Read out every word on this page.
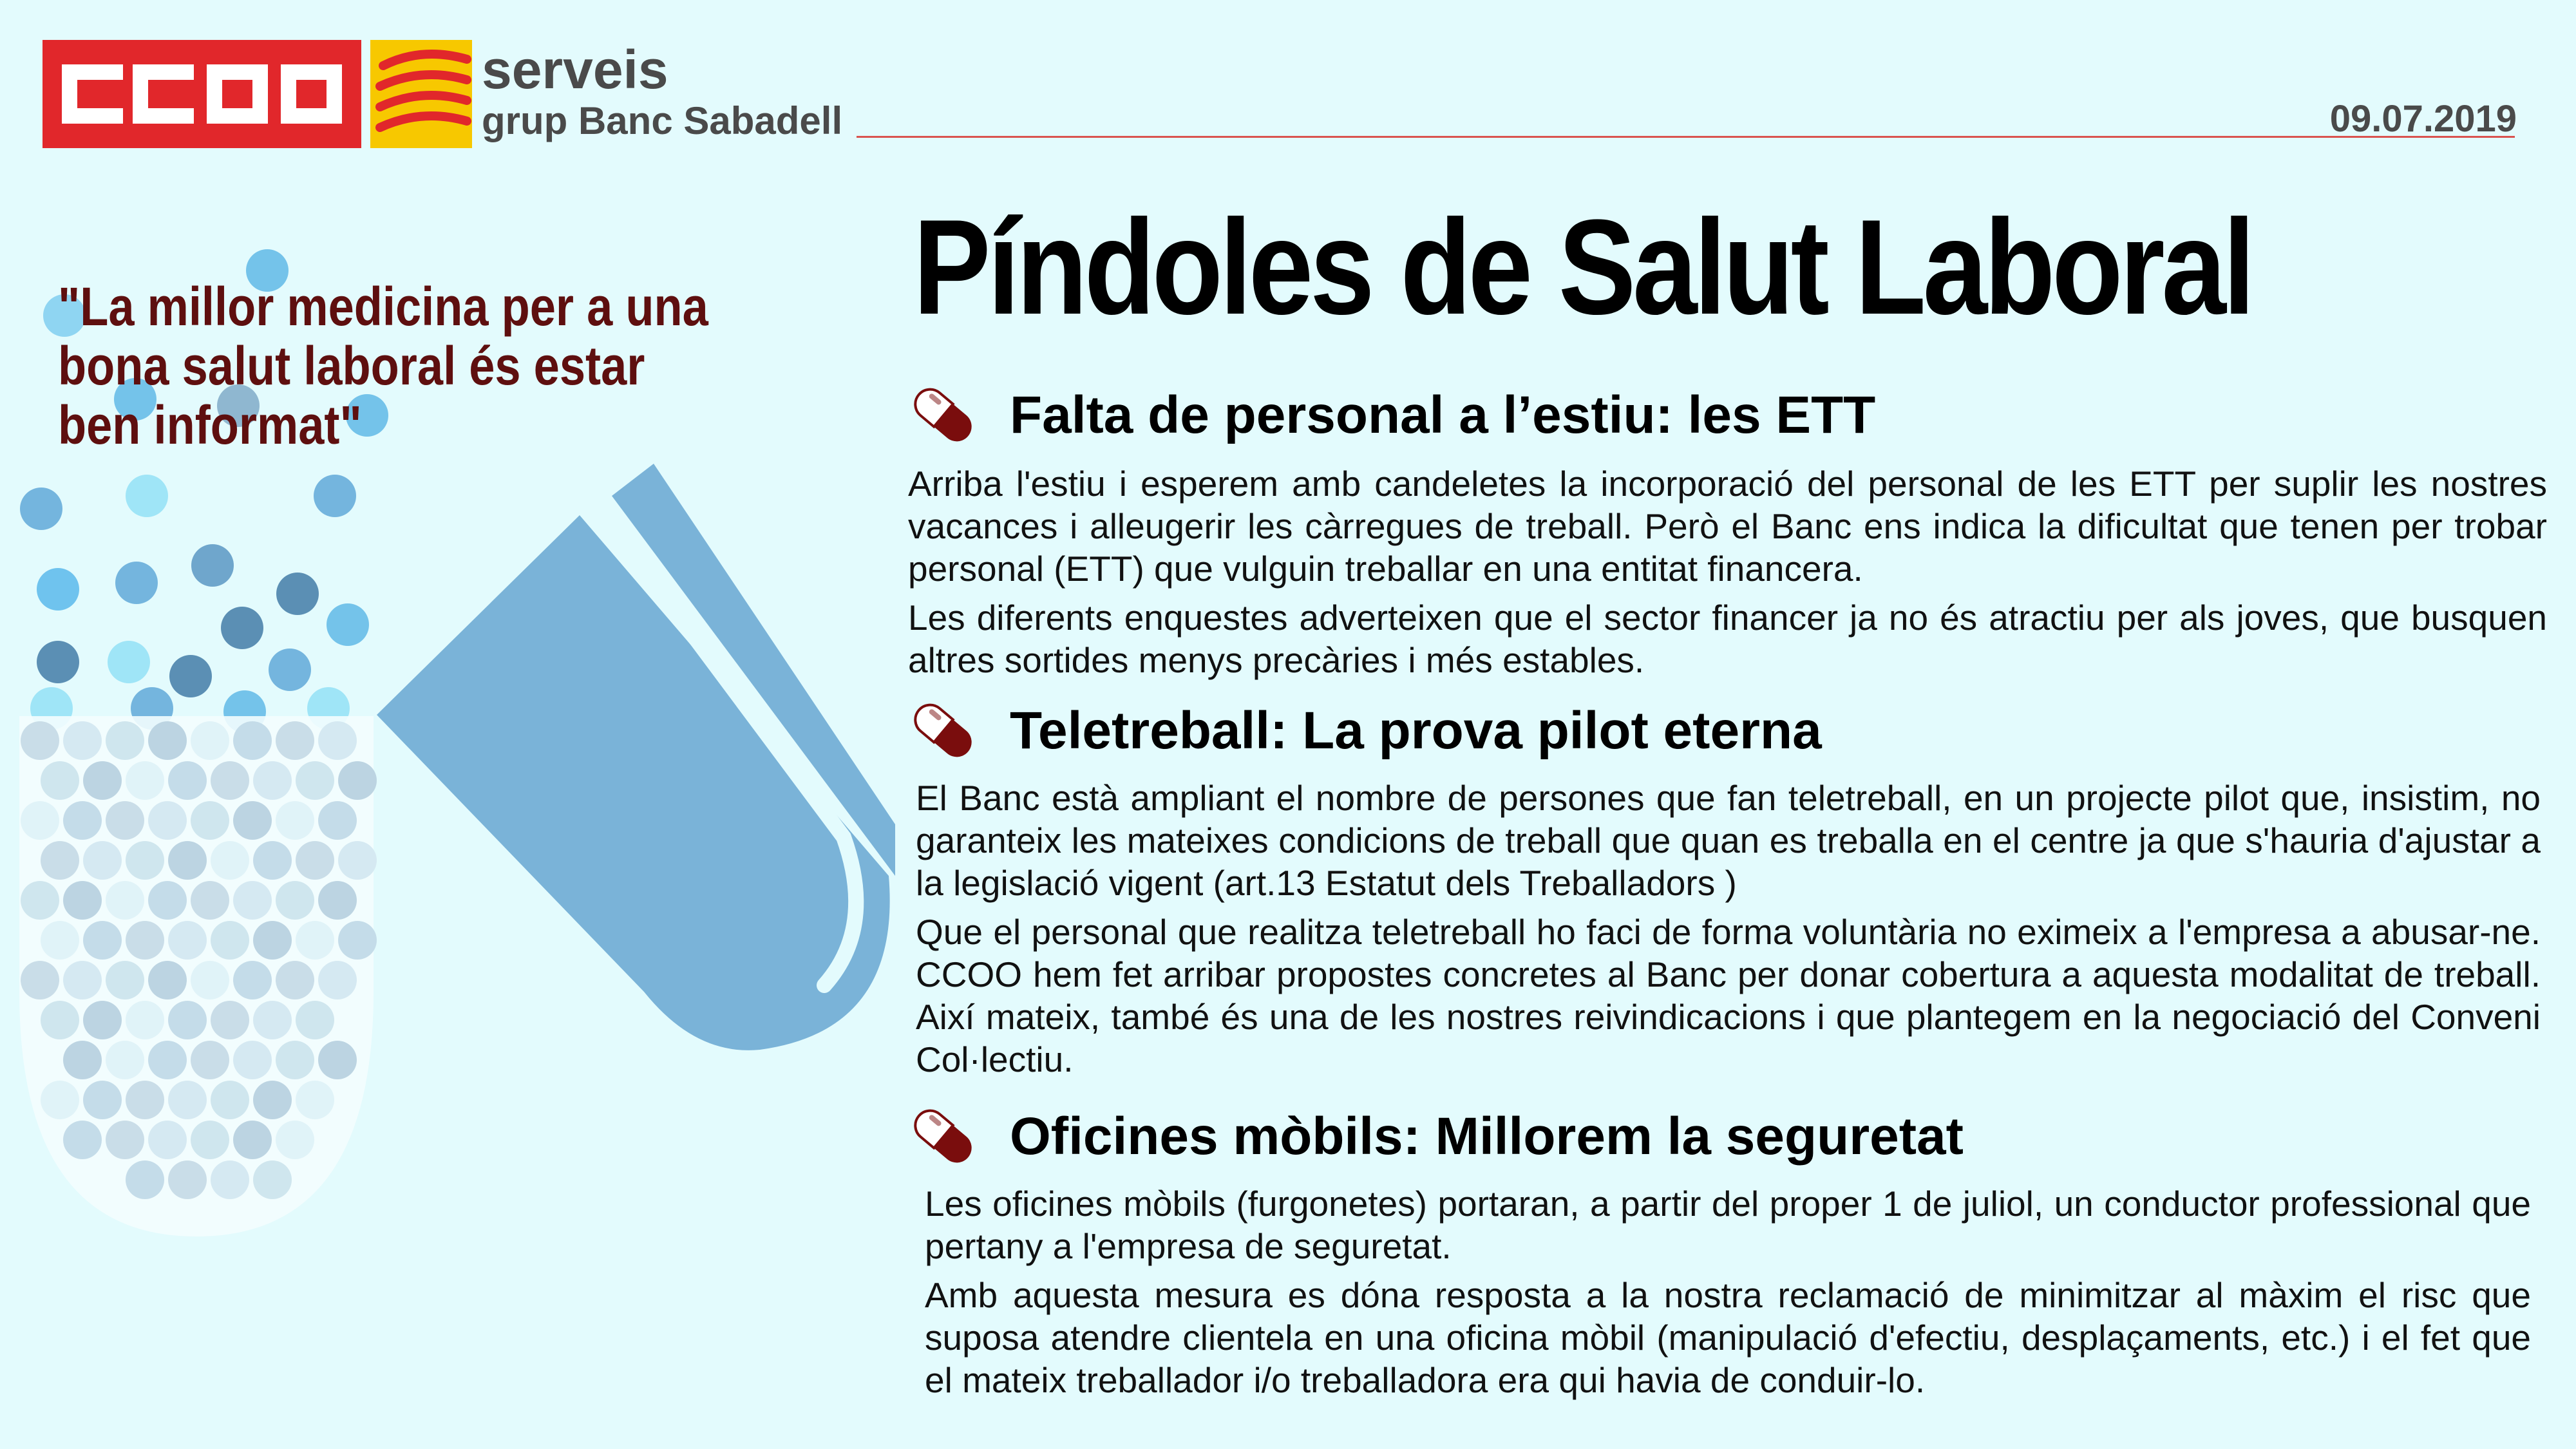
serveis
grup Banc Sabadell	09.07.2019
Píndoles de Salut Laboral
"La millor medicina per a una bona salut laboral és estar ben informat"	Falta de personal a l’estiu: les ETT

Arriba l'estiu i esperem amb candeletes la incorporació del personal de les ETT per suplir les nostres vacances i alleugerir les càrregues de treball. Però el Banc ens indica la dificultat que tenen per trobar personal (ETT) que vulguin treballar en una entitat financera.

Les diferents enquestes adverteixen que el sector financer ja no és atractiu per als joves, que busquen altres sortides menys precàries i més estables.

Teletreball: La prova pilot eterna

El Banc està ampliant el nombre de persones que fan teletreball, en un projecte pilot que, insistim, no garanteix les mateixes condicions de treball que quan es treballa en el centre ja que s'hauria d'ajustar a la legislació vigent (art.13 Estatut dels Treballadors )

Que el personal que realitza teletreball ho faci de forma voluntària no eximeix a l'empresa a abusar-ne. CCOO hem fet arribar propostes concretes al Banc per donar cobertura a aquesta modalitat de treball. Així mateix, també és una de les nostres reivindicacions i que plantegem en la negociació del Conveni Col·lectiu.

Oficines mòbils: Millorem la seguretat

Les oficines mòbils (furgonetes) portaran, a partir del proper 1 de juliol, un conductor professional que pertany a l'empresa de seguretat.

Amb aquesta mesura es dóna resposta a la nostra reclamació de minimitzar al màxim el risc que suposa atendre clientela en una oficina mòbil (manipulació d'efectiu, desplaçaments, etc.) i el fet que el mateix treballador i/o treballadora era qui havia de conduir-lo.
